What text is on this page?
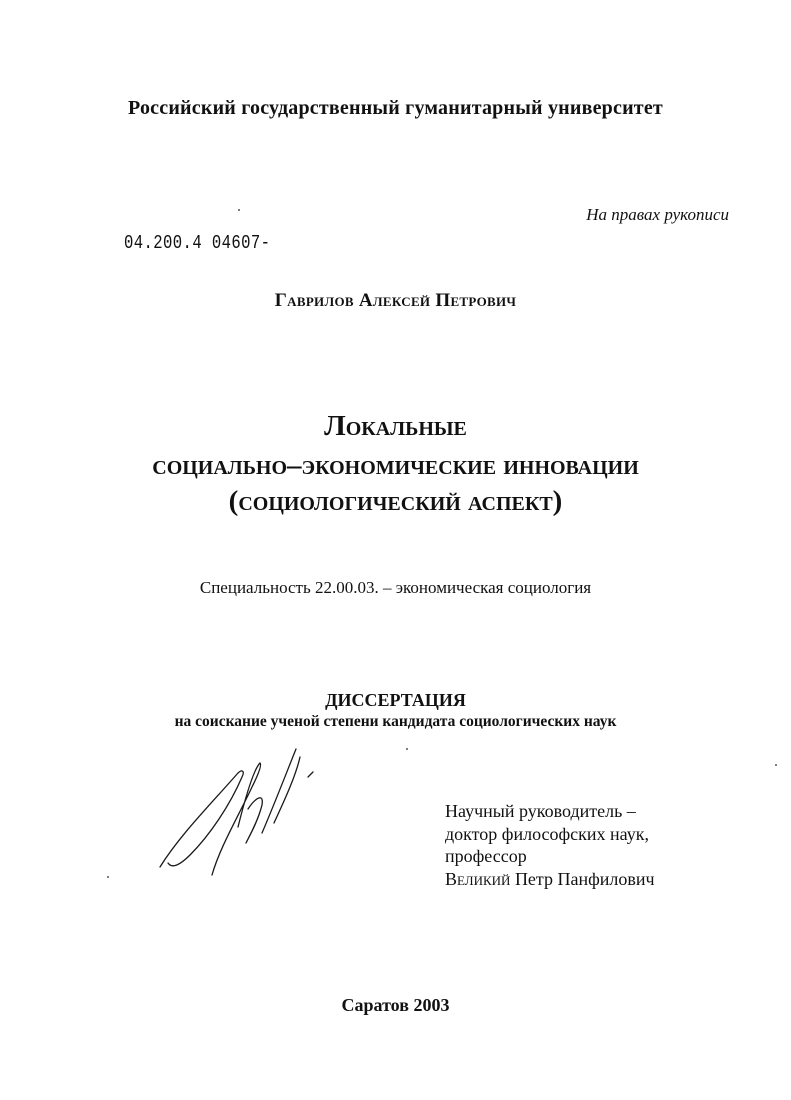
Российский государственный гуманитарный университет
На правах рукописи
04.200.4 04607-
Гаврилов Алексей Петрович
Локальные
социально–экономические инновации
(социологический аспект)
Специальность 22.00.03. – экономическая социология
ДИССЕРТАЦИЯ
на соискание ученой степени кандидата социологических наук
Научный руководитель –
доктор философских наук,
профессор
Великий Петр Панфилович
Саратов 2003
